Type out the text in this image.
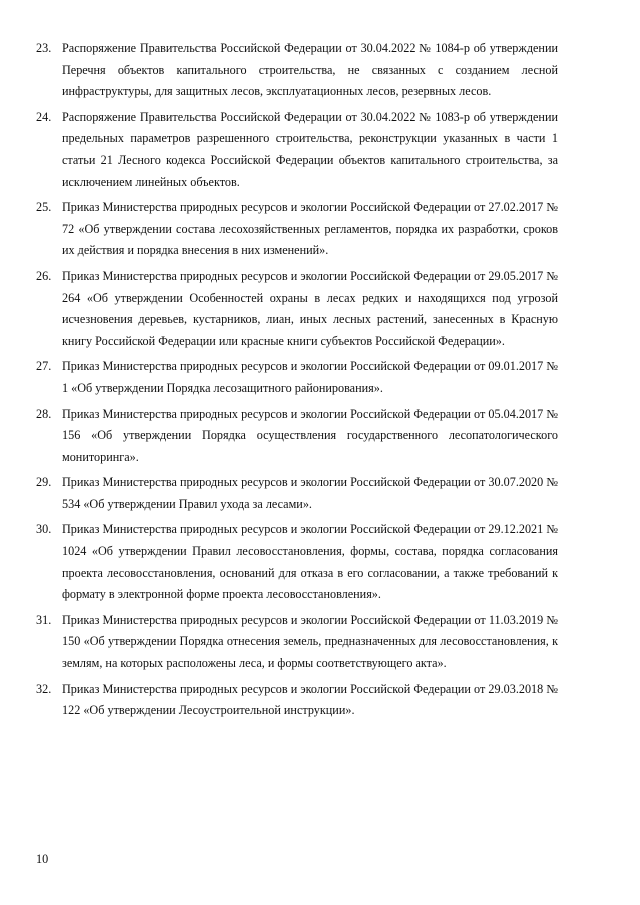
23. Распоряжение Правительства Российской Федерации от 30.04.2022 № 1084-р об утверждении Перечня объектов капитального строительства, не связанных с созданием лесной инфраструктуры, для защитных лесов, эксплуатационных лесов, резервных лесов.
24. Распоряжение Правительства Российской Федерации от 30.04.2022 № 1083-р об утверждении предельных параметров разрешенного строительства, реконструкции указанных в части 1 статьи 21 Лесного кодекса Российской Федерации объектов капитального строительства, за исключением линейных объектов.
25. Приказ Министерства природных ресурсов и экологии Российской Федерации от 27.02.2017 № 72 «Об утверждении состава лесохозяйственных регламентов, порядка их разработки, сроков их действия и порядка внесения в них изменений».
26. Приказ Министерства природных ресурсов и экологии Российской Федерации от 29.05.2017 № 264 «Об утверждении Особенностей охраны в лесах редких и находящихся под угрозой исчезновения деревьев, кустарников, лиан, иных лесных растений, занесенных в Красную книгу Российской Федерации или красные книги субъектов Российской Федерации».
27. Приказ Министерства природных ресурсов и экологии Российской Федерации от 09.01.2017 № 1 «Об утверждении Порядка лесозащитного районирования».
28. Приказ Министерства природных ресурсов и экологии Российской Федерации от 05.04.2017 № 156 «Об утверждении Порядка осуществления государственного лесопатологического мониторинга».
29. Приказ Министерства природных ресурсов и экологии Российской Федерации от 30.07.2020 № 534 «Об утверждении Правил ухода за лесами».
30. Приказ Министерства природных ресурсов и экологии Российской Федерации от 29.12.2021 № 1024 «Об утверждении Правил лесовосстановления, формы, состава, порядка согласования проекта лесовосстановления, оснований для отказа в его согласовании, а также требований к формату в электронной форме проекта лесовосстановления».
31. Приказ Министерства природных ресурсов и экологии Российской Федерации от 11.03.2019 № 150 «Об утверждении Порядка отнесения земель, предназначенных для лесовосстановления, к землям, на которых расположены леса, и формы соответствующего акта».
32. Приказ Министерства природных ресурсов и экологии Российской Федерации от 29.03.2018 № 122 «Об утверждении Лесоустроительной инструкции».
10
